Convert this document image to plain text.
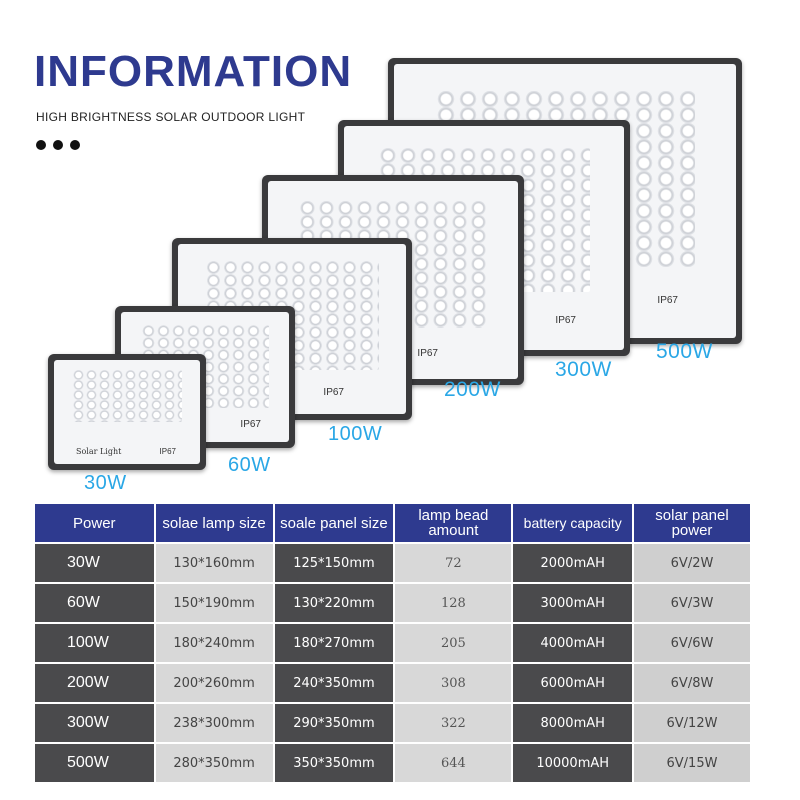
INFORMATION
HIGH BRIGHTNESS SOLAR OUTDOOR LIGHT
IP67
500W
IP67
300W
IP67
200W
IP67
100W
IP67
60W
Solar Light	IP67
30W
Power	solae lamp size	soale panel size	lamp bead amount	battery capacity	solar panel power
30W	130*160mm	125*150mm	72	2000mAH	6V/2W
60W	150*190mm	130*220mm	128	3000mAH	6V/3W
100W	180*240mm	180*270mm	205	4000mAH	6V/6W
200W	200*260mm	240*350mm	308	6000mAH	6V/8W
300W	238*300mm	290*350mm	322	8000mAH	6V/12W
500W	280*350mm	350*350mm	644	10000mAH	6V/15W
